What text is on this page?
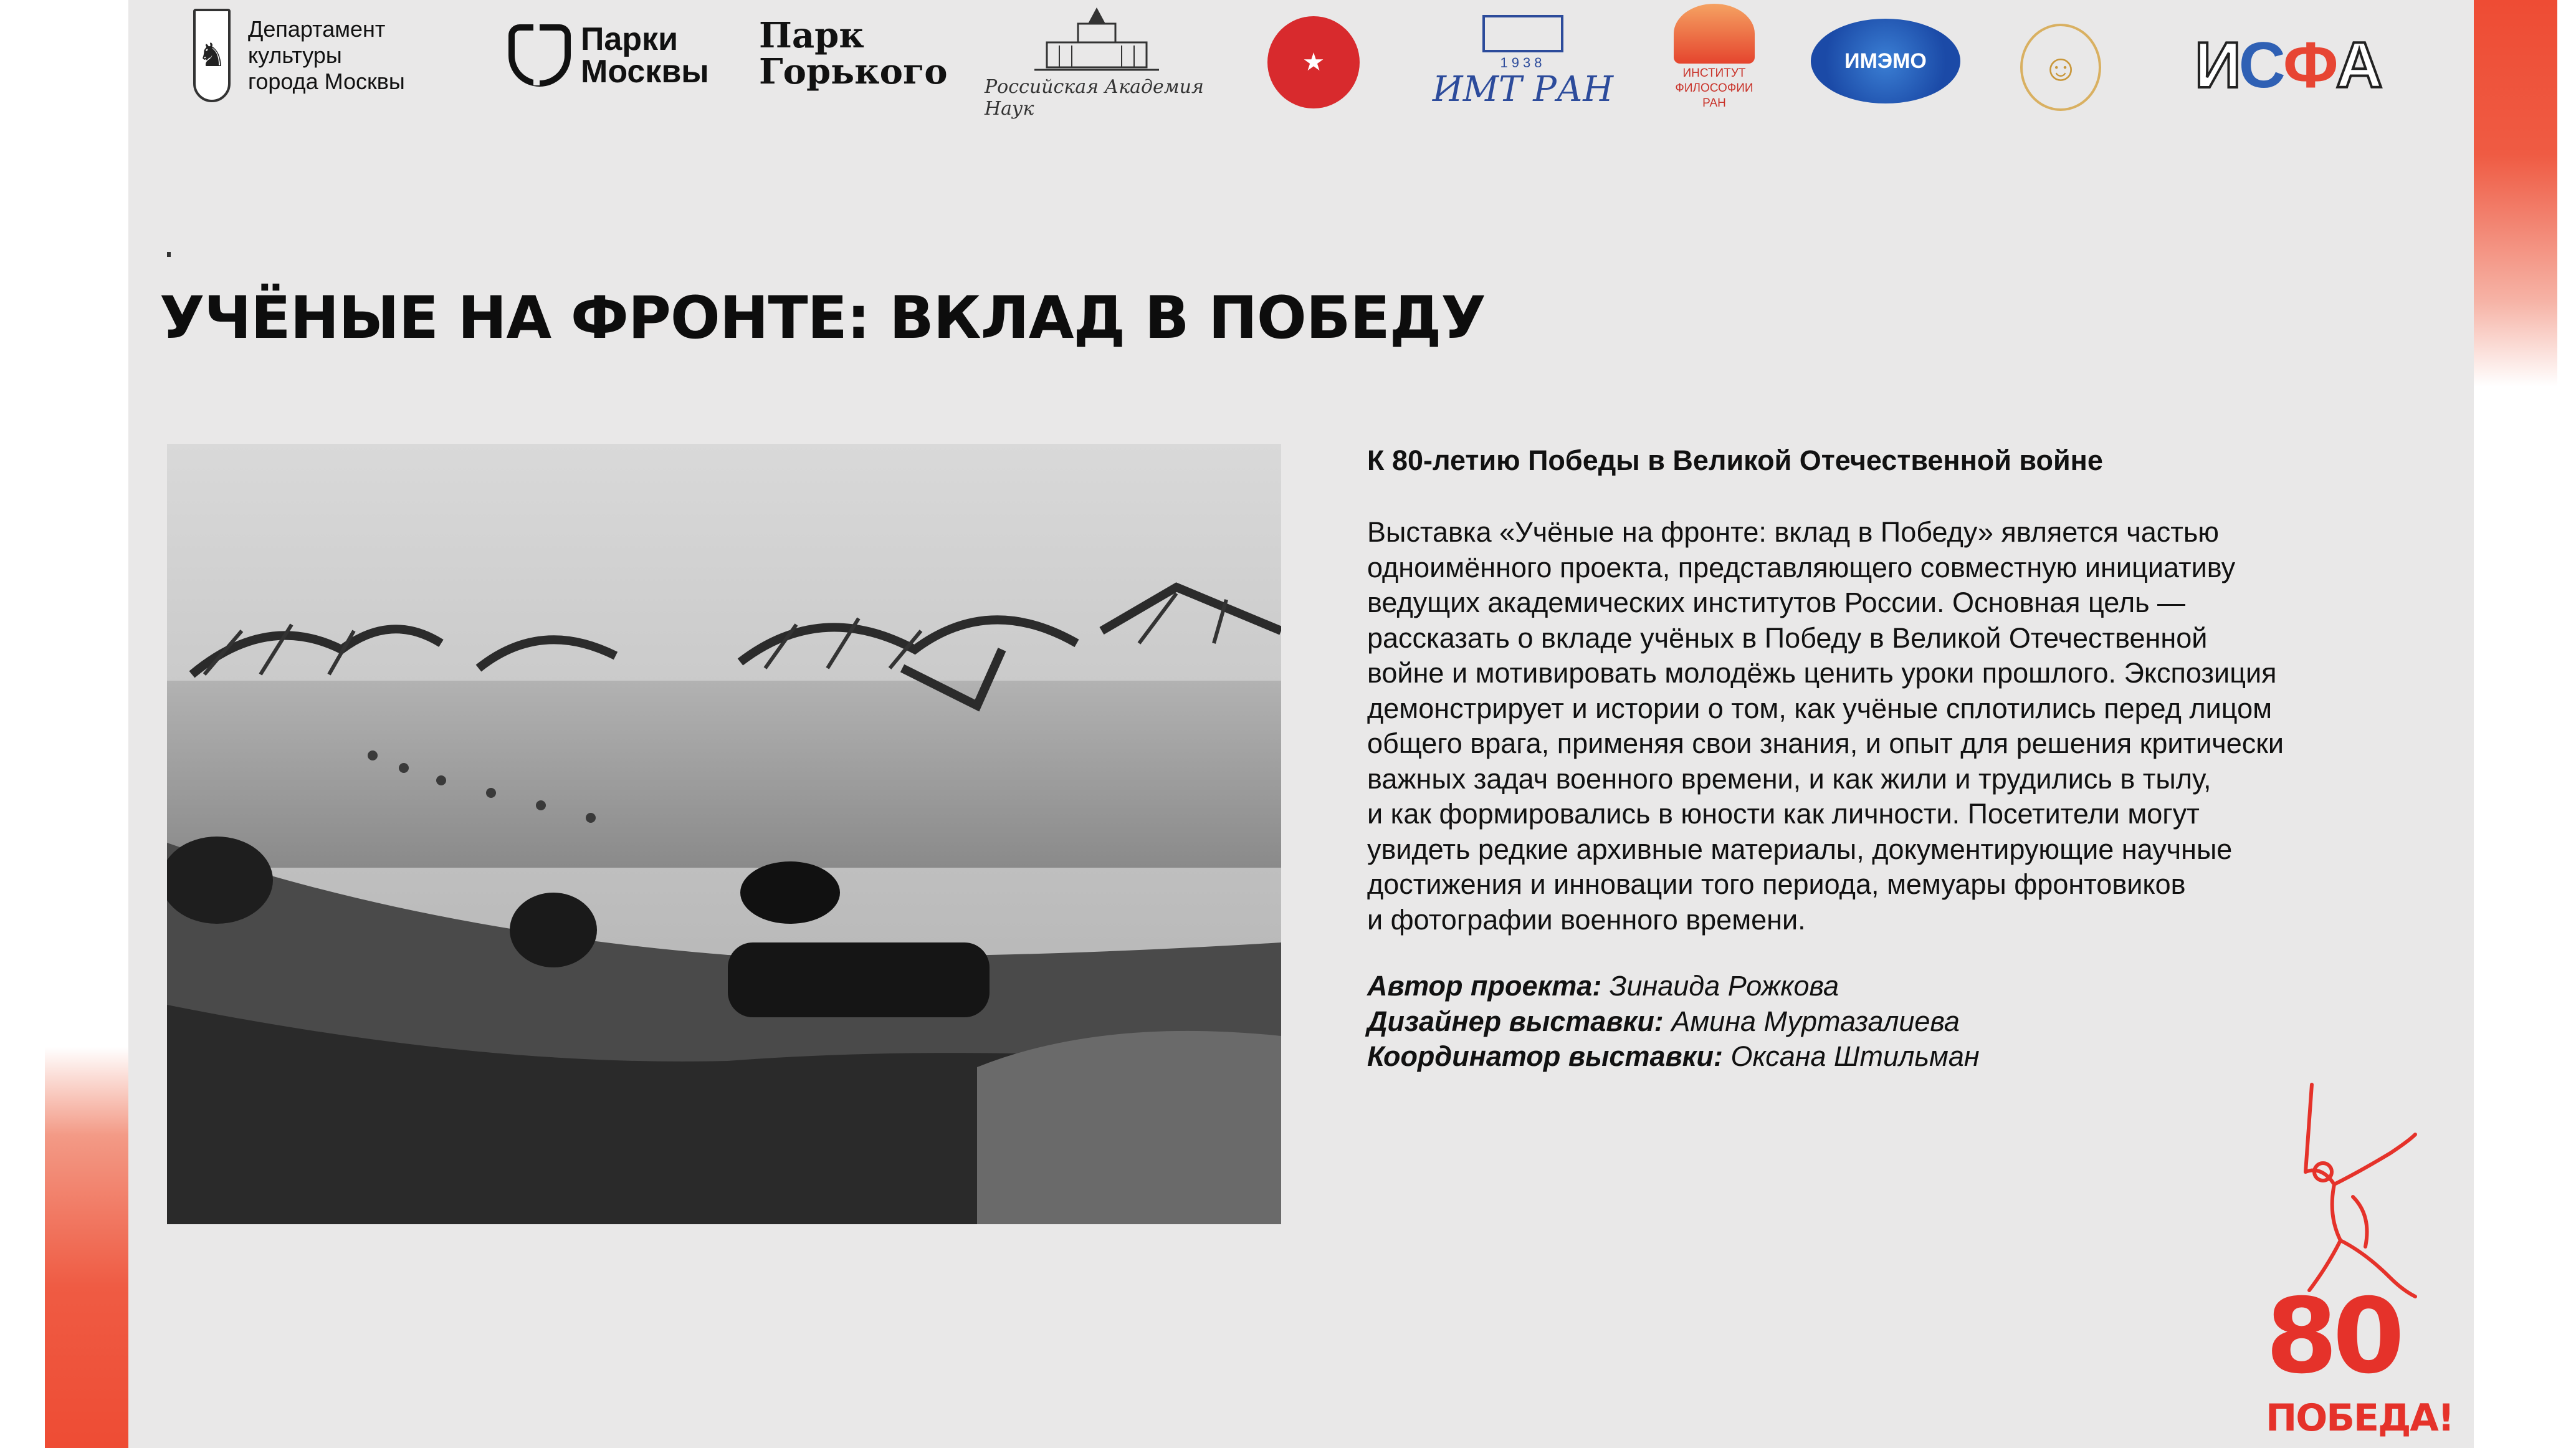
♞
Департамент
культуры
города Москвы
Парки
Москвы
Парк
Горького Российская Академия Наук
★	1938
ИМТ РАН	ИНСТИТУТ
ФИЛОСОФИИ
РАН
ИМЭМО	☺ И С Ф А
УЧЁНЫЕ НА ФРОНТЕ: ВКЛАД В ПОБЕДУ
К 80-летию Победы в Великой Отечественной войне
Выставка «Учёные на фронте: вклад в Победу» является частью
одноимённого проекта, представляющего совместную инициативу
ведущих академических институтов России. Основная цель —
рассказать о вкладе учёных в Победу в Великой Отечественной
войне и мотивировать молодёжь ценить уроки прошлого. Экспозиция
демонстрирует и истории о том, как учёные сплотились перед лицом
общего врага, применяя свои знания, и опыт для решения критически
важных задач военного времени, и как жили и трудились в тылу,
и как формировались в юности как личности. Посетители могут
увидеть редкие архивные материалы, документирующие научные
достижения и инновации того периода, мемуары фронтовиков
и фотографии военного времени.
Автор проекта: Зинаида Рожкова
Дизайнер выставки: Амина Муртазалиева
Координатор выставки: Оксана Штильман
80
ПОБЕДА!
